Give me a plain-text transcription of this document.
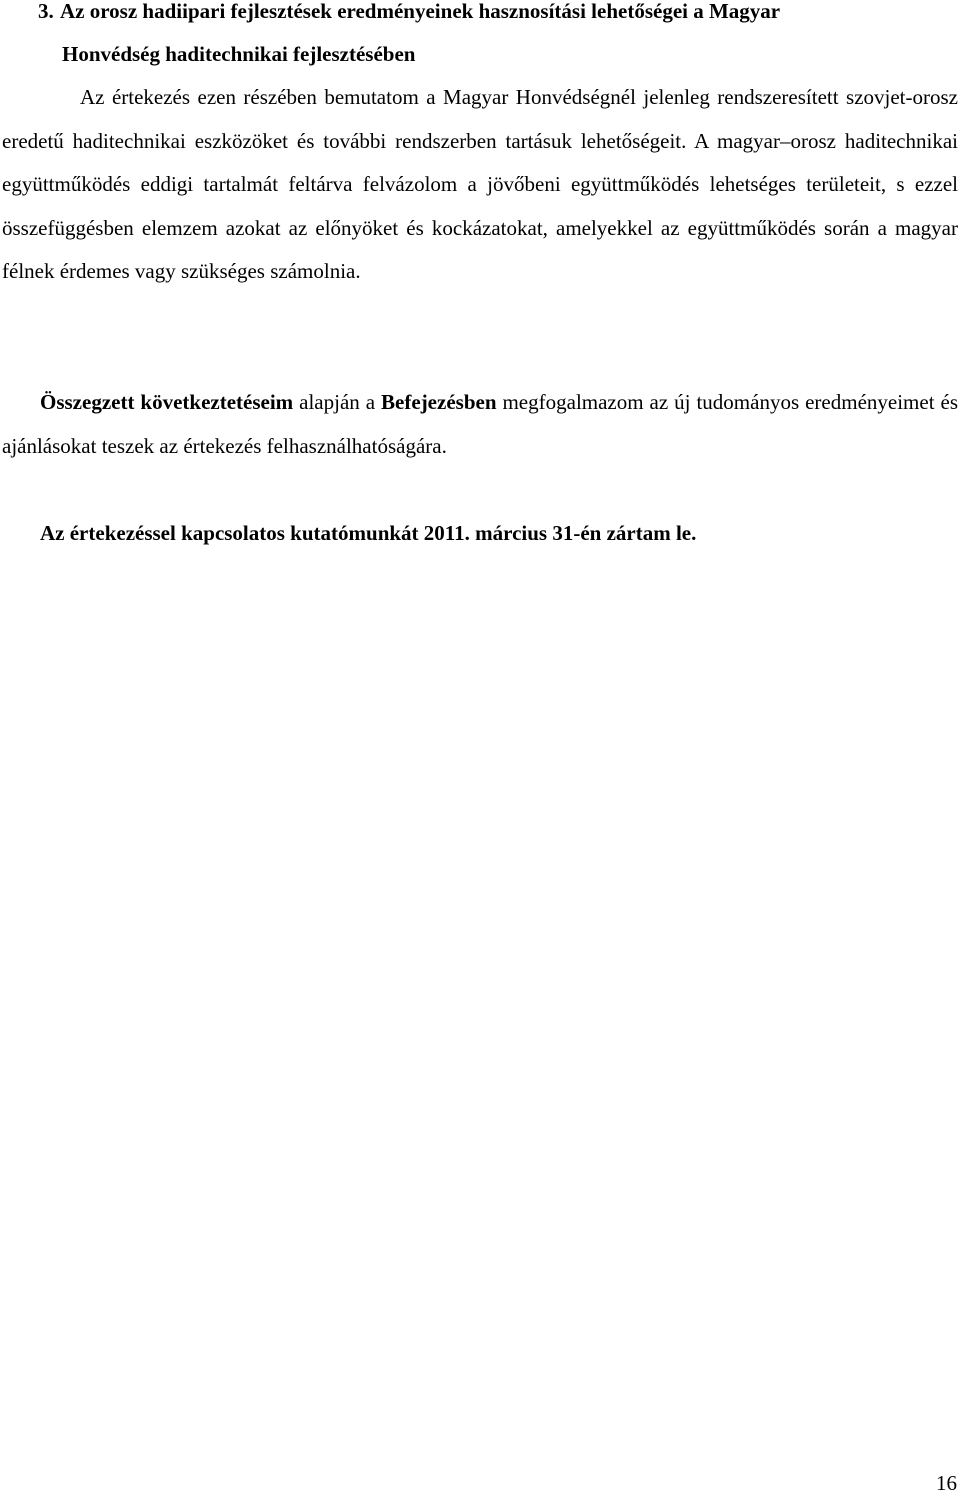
3. Az orosz hadiipari fejlesztések eredményeinek hasznosítási lehetőségei a Magyar
Honvédség haditechnikai fejlesztésében

Az értekezés ezen részében bemutatom a Magyar Honvédségnél jelenleg rendszeresített szovjet-orosz eredetű haditechnikai eszközöket és további rendszerben tartásuk lehetőségeit. A magyar–orosz haditechnikai együttműködés eddigi tartalmát feltárva felvázolom a jövőbeni együttműködés lehetséges területeit, s ezzel összefüggésben elemzem azokat az előnyöket és kockázatokat, amelyekkel az együttműködés során a magyar félnek érdemes vagy szükséges számolnia.

Összegzett következtetéseim alapján a Befejezésben megfogalmazom az új tudományos eredményeimet és ajánlásokat teszek az értekezés felhasználhatóságára.

Az értekezéssel kapcsolatos kutatómunkát 2011. március 31-én zártam le.

16
